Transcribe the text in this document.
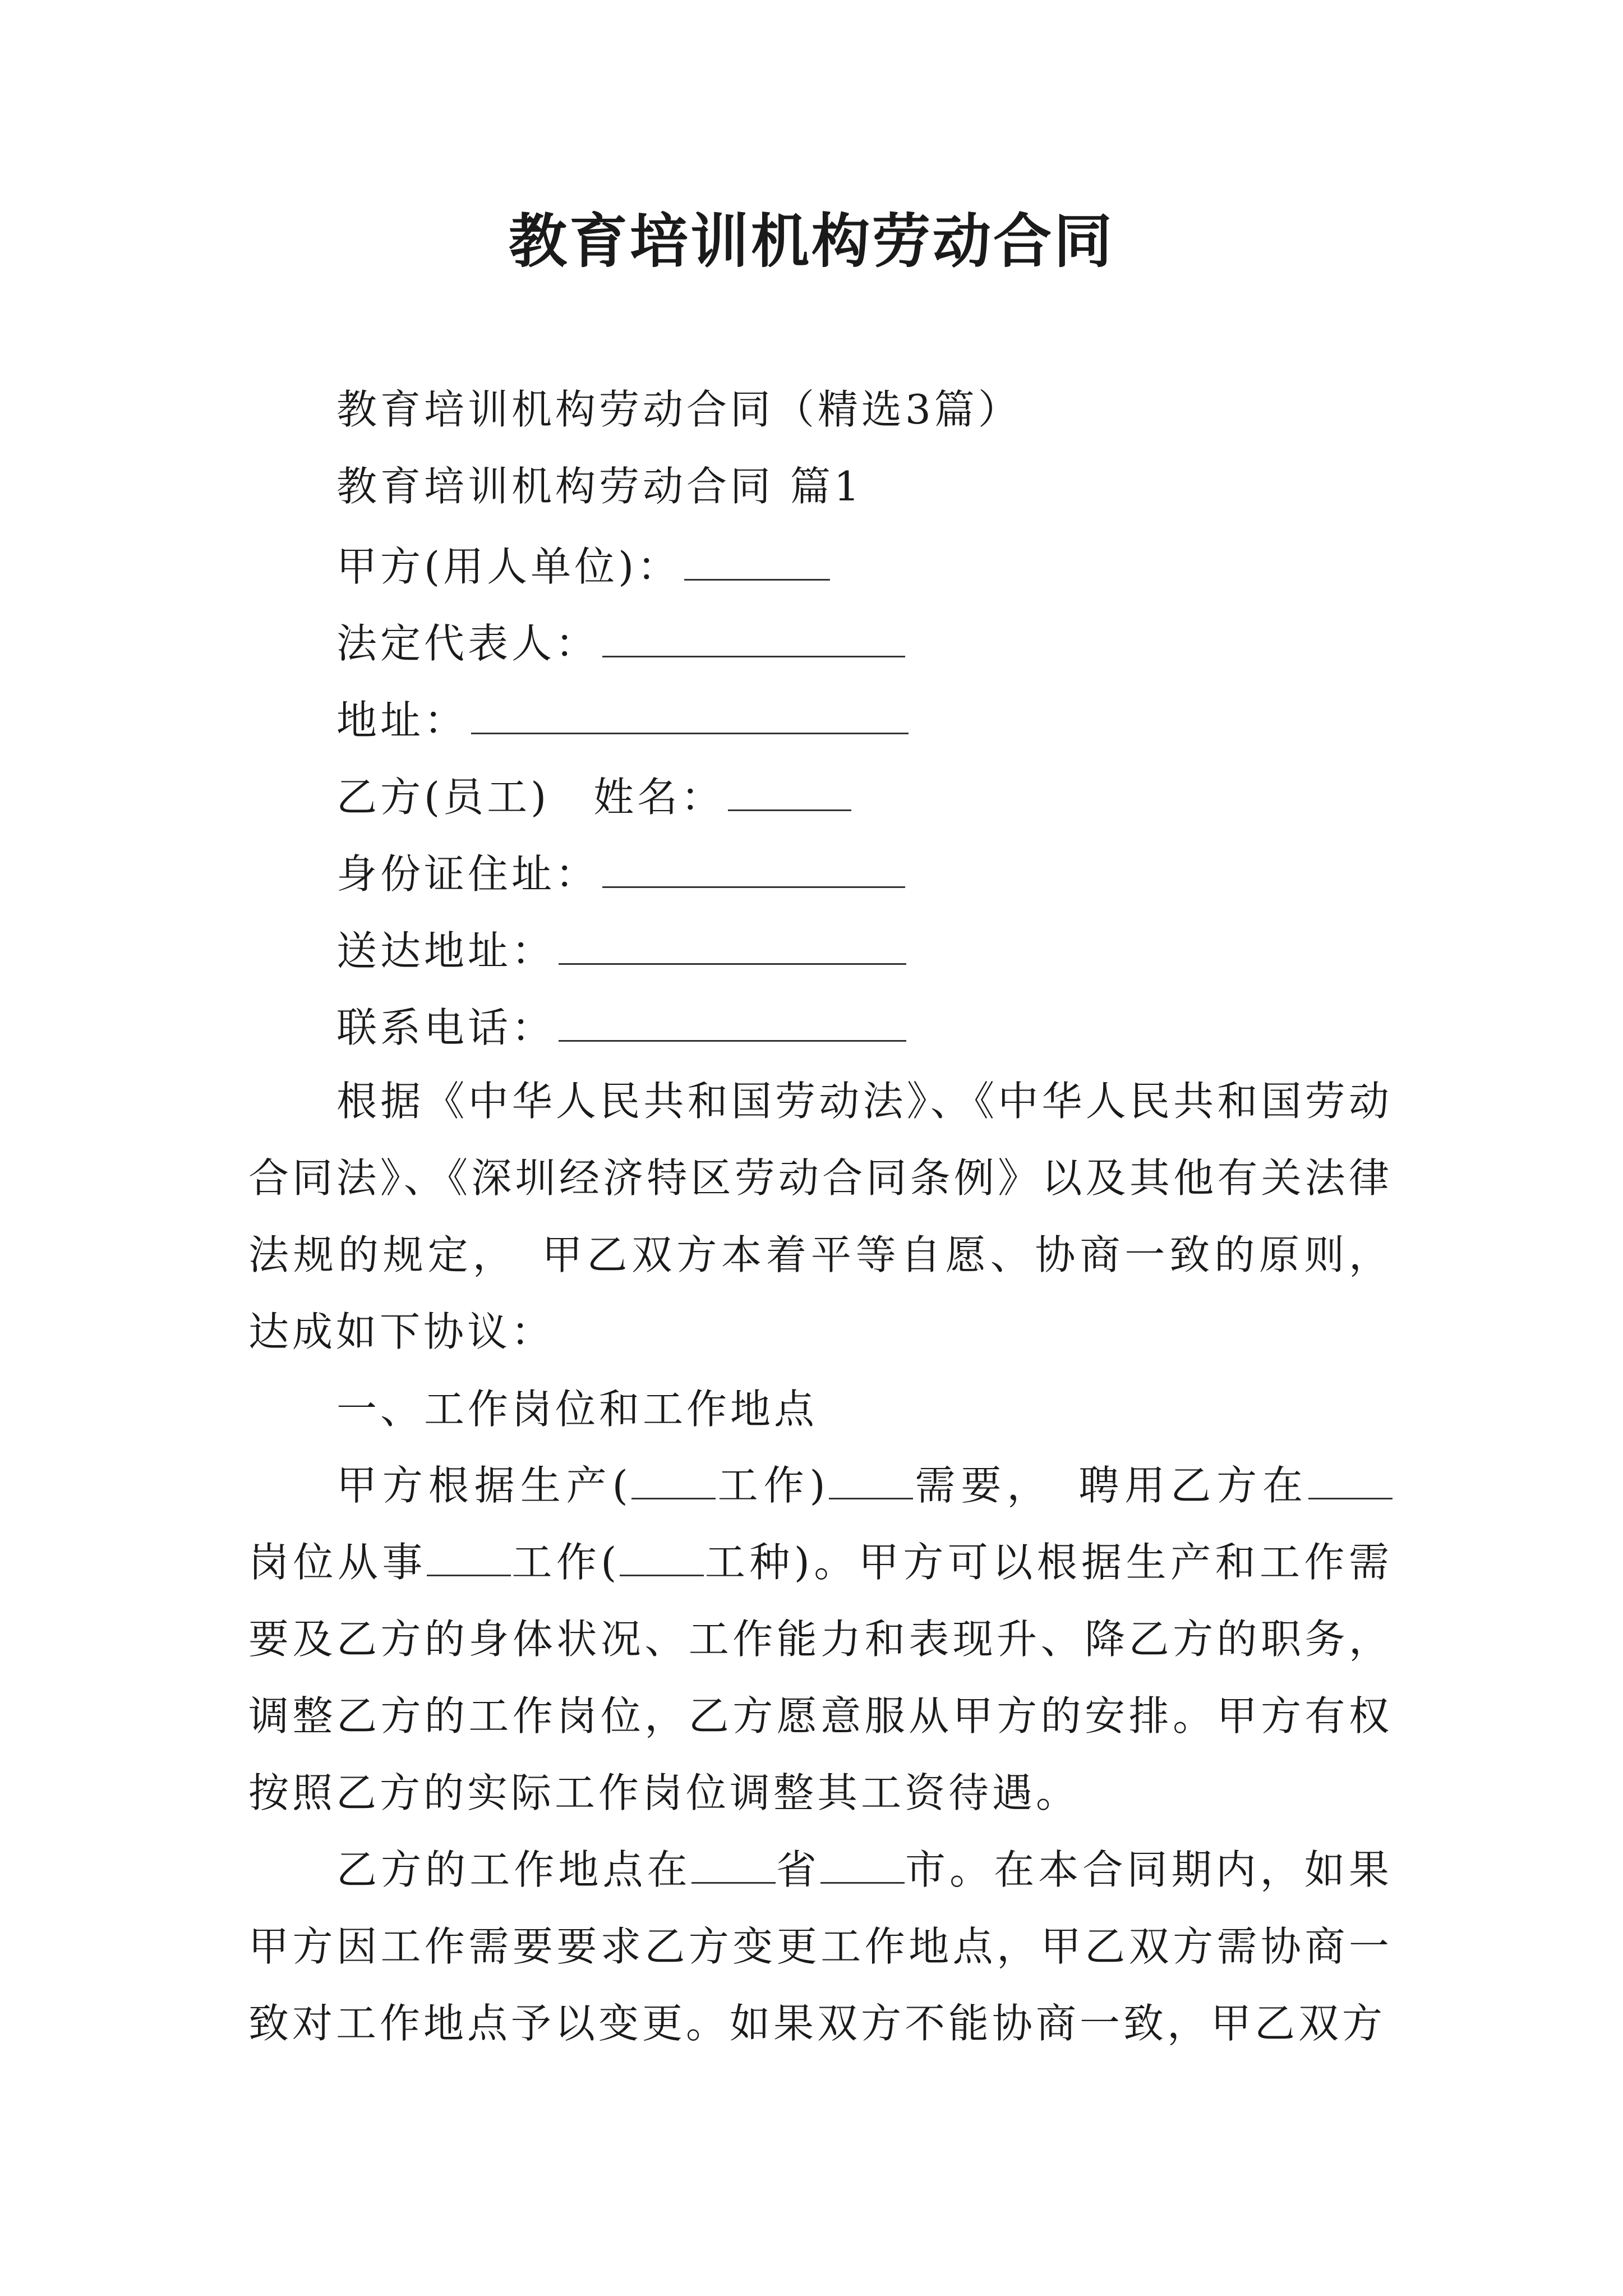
教育培训机构劳动合同
教育培训机构劳动合同（精选3篇）
教育培训机构劳动合同 篇1
甲方(用人单位)：
法定代表人：
地址：
乙方(员工)　姓名：
身份证住址：
送达地址：
联系电话：

根据《中华人民共和国劳动法》、《中华人民共和国劳动合同法》、《深圳经济特区劳动合同条例》以及其他有关法律法规的规定，　甲乙双方本着平等自愿、协商一致的原则，达成如下协议：

一、工作岗位和工作地点

甲方根据生产( 工作) 需要，　聘用乙方在岗位从事 工作( 工种)。甲方可以根据生产和工作需要及乙方的身体状况、工作能力和表现升、降乙方的职务，调整乙方的工作岗位，乙方愿意服从甲方的安排。甲方有权按照乙方的实际工作岗位调整其工资待遇。

乙方的工作地点在 省 市。在本合同期内，如果甲方因工作需要要求乙方变更工作地点，甲乙双方需协商一致对工作地点予以变更。如果双方不能协商一致，甲乙双方
